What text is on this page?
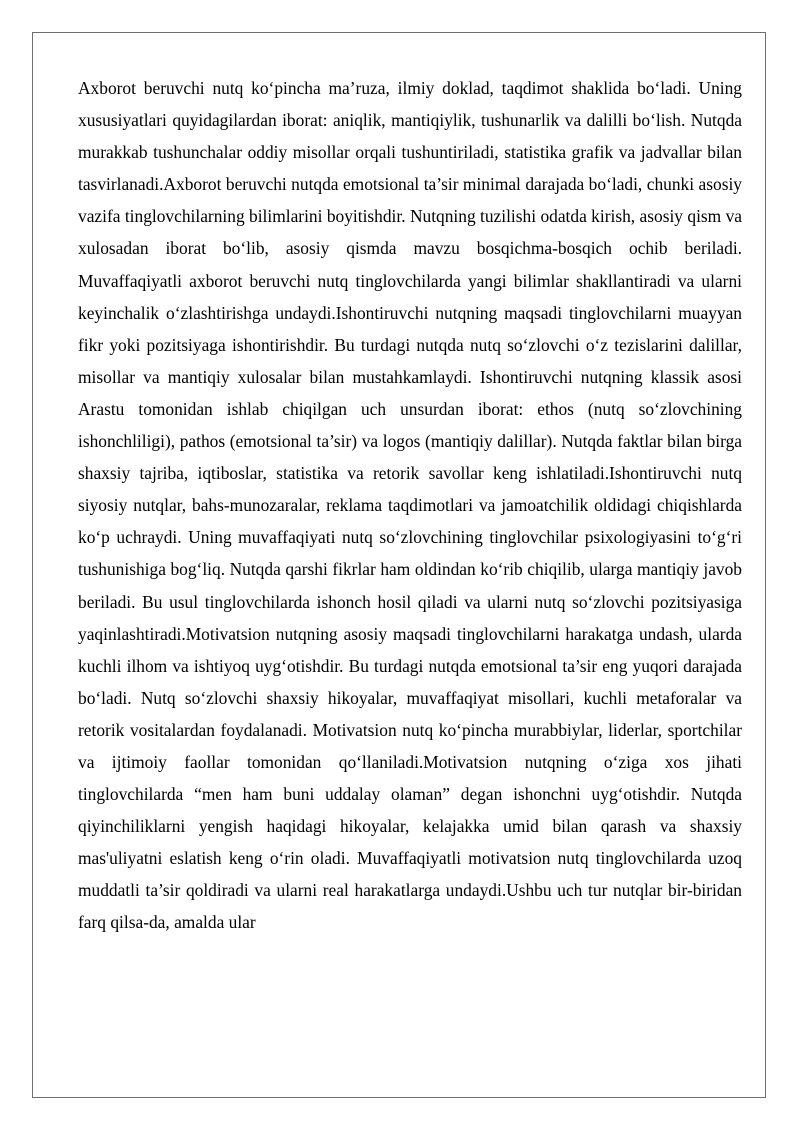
Axborot beruvchi nutq ko‘pincha ma’ruza, ilmiy doklad, taqdimot shaklida bo‘ladi. Uning xususiyatlari quyidagilardan iborat: aniqlik, mantiqiylik, tushunarlik va dalilli bo‘lish. Nutqda murakkab tushunchalar oddiy misollar orqali tushuntiriladi, statistika grafik va jadvallar bilan tasvirlanadi.Axborot beruvchi nutqda emotsional ta’sir minimal darajada bo‘ladi, chunki asosiy vazifa tinglovchilarning bilimlarini boyitishdir. Nutqning tuzilishi odatda kirish, asosiy qism va xulosadan iborat bo‘lib, asosiy qismda mavzu bosqichma-bosqich ochib beriladi. Muvaffaqiyatli axborot beruvchi nutq tinglovchilarda yangi bilimlar shakllantiradi va ularni keyinchalik o‘zlashtirishga undaydi.Ishontiruvchi nutqning maqsadi tinglovchilarni muayyan fikr yoki pozitsiyaga ishontirishdir. Bu turdagi nutqda nutq so‘zlovchi o‘z tezislarini dalillar, misollar va mantiqiy xulosalar bilan mustahkamlaydi. Ishontiruvchi nutqning klassik asosi Arastu tomonidan ishlab chiqilgan uch unsurdan iborat: ethos (nutq so‘zlovchining ishonchliligi), pathos (emotsional ta’sir) va logos (mantiqiy dalillar). Nutqda faktlar bilan birga shaxsiy tajriba, iqtiboslar, statistika va retorik savollar keng ishlatiladi.Ishontiruvchi nutq siyosiy nutqlar, bahs-munozaralar, reklama taqdimotlari va jamoatchilik oldidagi chiqishlarda ko‘p uchraydi. Uning muvaffaqiyati nutq so‘zlovchining tinglovchilar psixologiyasini to‘g‘ri tushunishiga bog‘liq. Nutqda qarshi fikrlar ham oldindan ko‘rib chiqilib, ularga mantiqiy javob beriladi. Bu usul tinglovchilarda ishonch hosil qiladi va ularni nutq so‘zlovchi pozitsiyasiga yaqinlashtiradi.Motivatsion nutqning asosiy maqsadi tinglovchilarni harakatga undash, ularda kuchli ilhom va ishtiyoq uyg‘otishdir. Bu turdagi nutqda emotsional ta’sir eng yuqori darajada bo‘ladi. Nutq so‘zlovchi shaxsiy hikoyalar, muvaffaqiyat misollari, kuchli metaforalar va retorik vositalardan foydalanadi. Motivatsion nutq ko‘pincha murabbiylar, liderlar, sportchilar va ijtimoiy faollar tomonidan qo‘llaniladi.Motivatsion nutqning o‘ziga xos jihati tinglovchilarda “men ham buni uddalay olaman” degan ishonchni uyg‘otishdir. Nutqda qiyinchiliklarni yengish haqidagi hikoyalar, kelajakka umid bilan qarash va shaxsiy mas'uliyatni eslatish keng o‘rin oladi. Muvaffaqiyatli motivatsion nutq tinglovchilarda uzoq muddatli ta’sir qoldiradi va ularni real harakatlarga undaydi.Ushbu uch tur nutqlar bir-biridan farq qilsa-da, amalda ular
